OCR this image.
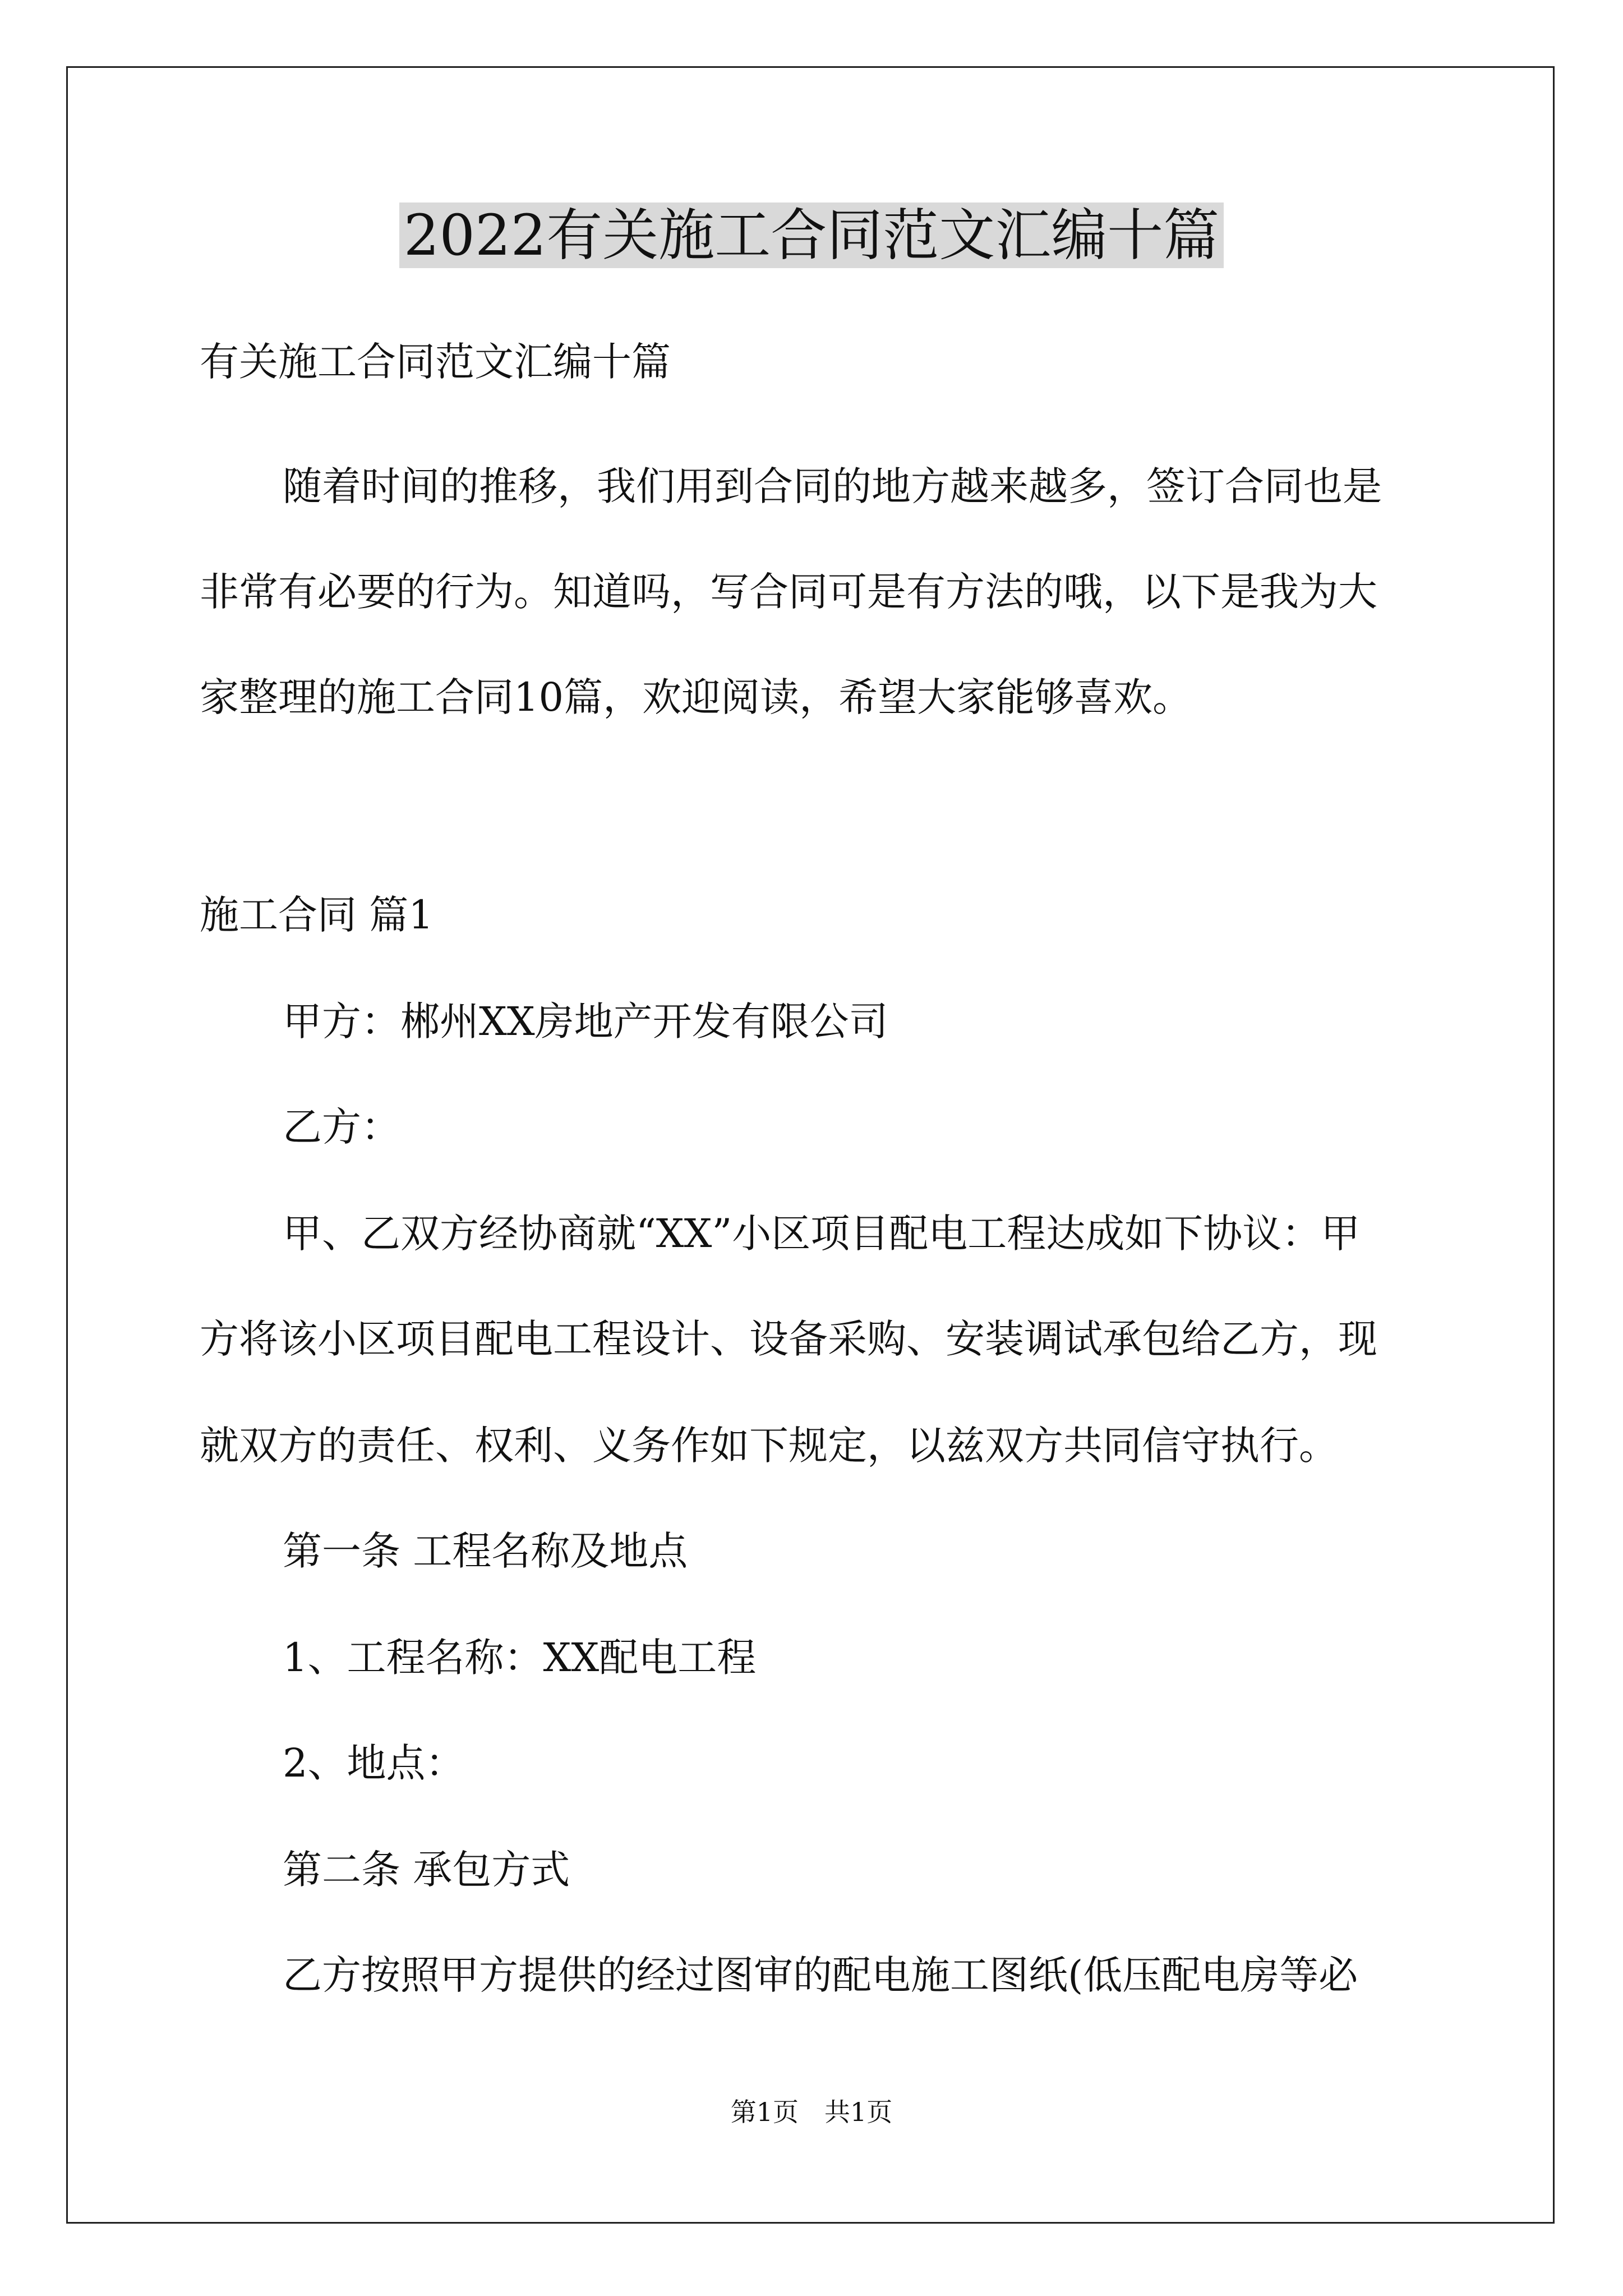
2022有关施工合同范文汇编十篇
有关施工合同范文汇编十篇
随着时间的推移，我们用到合同的地方越来越多，签订合同也是
非常有必要的行为。知道吗，写合同可是有方法的哦，以下是我为大
家整理的施工合同10篇，欢迎阅读，希望大家能够喜欢。
施工合同 篇1
甲方：郴州XX房地产开发有限公司
乙方：
甲、乙双方经协商就“XX”小区项目配电工程达成如下协议：甲
方将该小区项目配电工程设计、设备采购、安装调试承包给乙方，现
就双方的责任、权利、义务作如下规定，以兹双方共同信守执行。
第一条 工程名称及地点
1、工程名称：XX配电工程
2、地点：
第二条 承包方式
乙方按照甲方提供的经过图审的配电施工图纸(低压配电房等必
第1页　共1页
